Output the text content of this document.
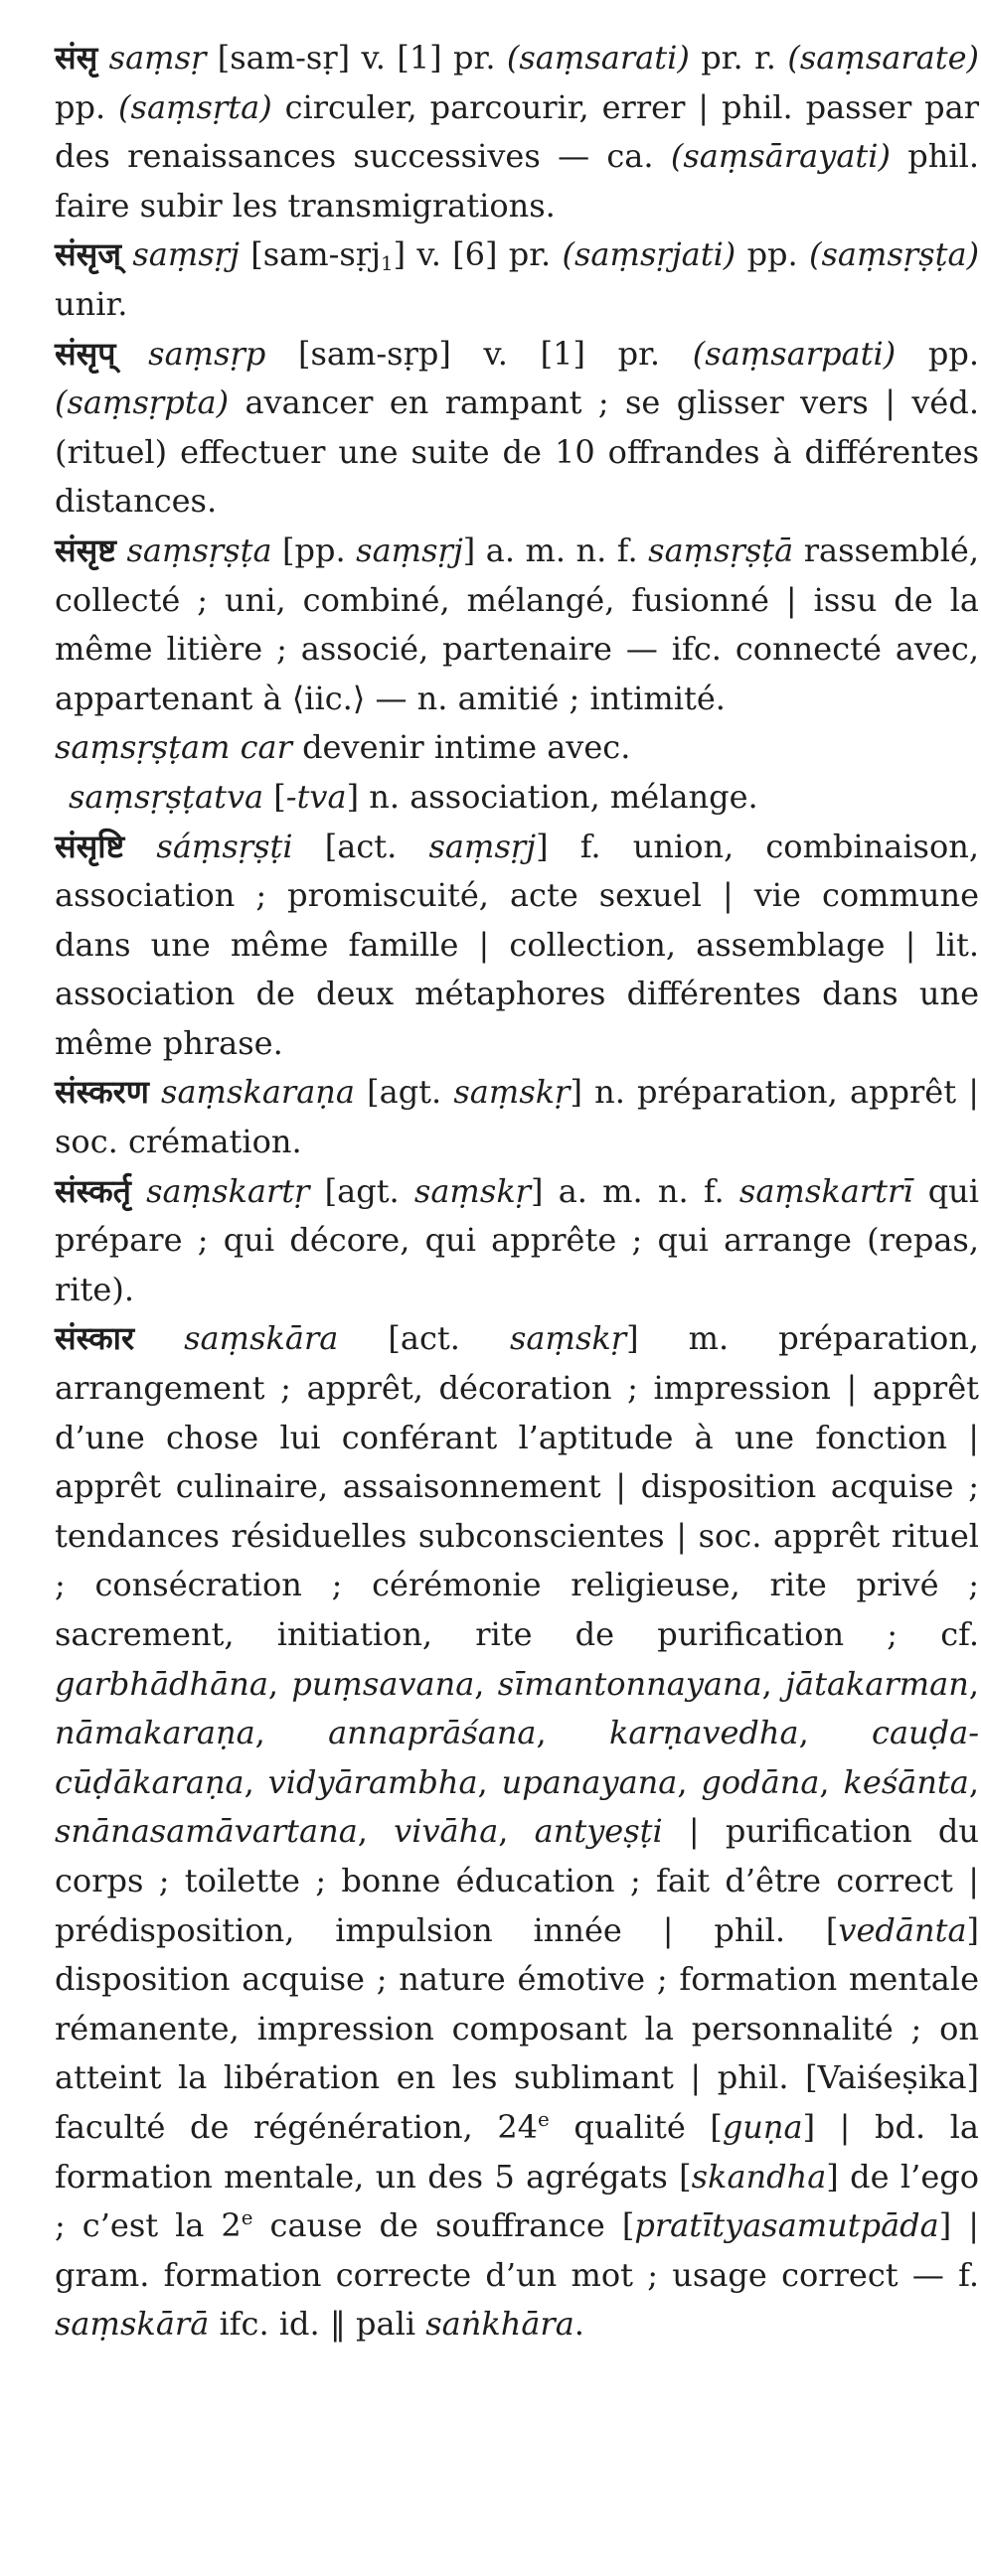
संसृ saṃsṛ [sam-sṛ] v. [1] pr. (saṃsarati) pr. r. (saṃsarate) pp. (saṃsṛta) circuler, parcourir, errer | phil. passer par des renaissances successives — ca. (saṃsārayati) phil. faire subir les transmigrations.

संसृज् saṃsṛj [sam-sṛj$_1$] v. [6] pr. (saṃsṛjati) pp. (saṃsṛṣṭa) unir.

संसृप् saṃsṛp [sam-sṛp] v. [1] pr. (saṃsarpati) pp. (saṃsṛpta) avancer en rampant ; se glisser vers | véd. (rituel) effectuer une suite de 10 offrandes à différentes distances.

संसृष्ट saṃsṛṣṭa [pp. saṃsṛj] a. m. n. f. saṃsṛṣṭā rassemblé, collecté ; uni, combiné, mélangé, fusionné | issu de la même litière ; associé, partenaire — ifc. connecté avec, appartenant à ⟨iic.⟩ — n. amitié ; intimité.

saṃsṛṣṭam car devenir intime avec.

saṃsṛṣṭatva [-tva] n. association, mélange.

संसृष्टि sáṃsṛṣṭi [act. saṃsṛj] f. union, combinaison, association ; promiscuité, acte sexuel | vie commune dans une même famille | collection, assemblage | lit. association de deux métaphores différentes dans une même phrase.

संस्करण saṃskaraṇa [agt. saṃskṛ] n. préparation, apprêt | soc. crémation.

संस्कर्तृ saṃskartṛ [agt. saṃskṛ] a. m. n. f. saṃskartrī qui prépare ; qui décore, qui apprête ; qui arrange (repas, rite).

संस्कार saṃskāra [act. saṃskṛ] m. préparation, arrangement ; apprêt, décoration ; impression | apprêt d’une chose lui conférant l’aptitude à une fonction | apprêt culinaire, assaisonnement | disposition acquise ; tendances résiduelles subconscientes | soc. apprêt rituel ; consécration ; cérémonie religieuse, rite privé ; sacrement, initiation, rite de purification ; cf. garbhādhāna, puṃsavana, sīmantonnayana, jātakarman, nāmakaraṇa, annaprāśana, karṇavedha, cauḍa-cūḍākaraṇa, vidyārambha, upanayana, godāna, keśānta, snānasamāvartana, vivāha, antyeṣṭi | purification du corps ; toilette ; bonne éducation ; fait d’être correct | prédisposition, impulsion innée | phil. [vedānta] disposition acquise ; nature émotive ; formation mentale rémanente, impression composant la personnalité ; on atteint la libération en les sublimant | phil. [Vaiśeṣika] faculté de régénération, 24e qualité [guṇa] | bd. la formation mentale, un des 5 agrégats [skandha] de l’ego ; c’est la 2e cause de souffrance [pratītyasamutpāda] | gram. formation correcte d’un mot ; usage correct — f. saṃskārā ifc. id. ‖ pali saṅkhāra.
